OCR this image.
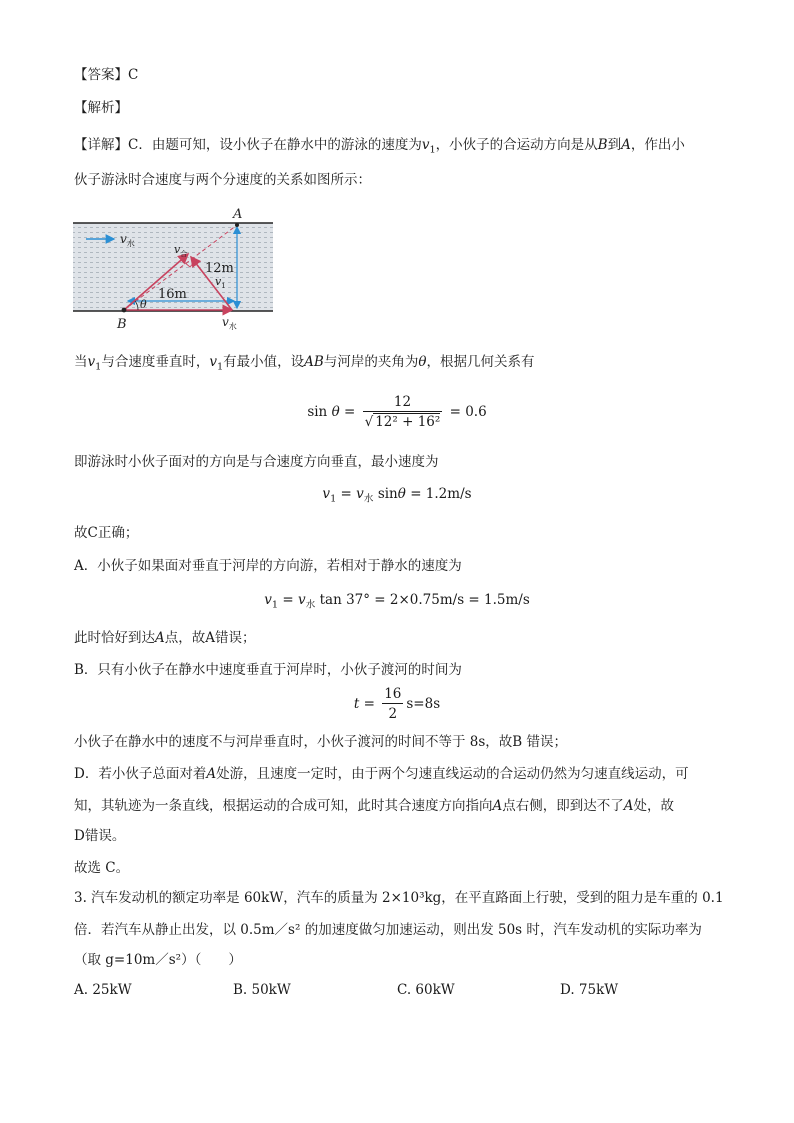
【答案】C
【解析】
【详解】C．由题可知，设小伙子在静水中的游泳的速度为$v_1$，小伙子的合运动方向是从B到A，作出小
伙子游泳时合速度与两个分速度的关系如图所示：
$v_水$
A
B
$v_合$
$v_1$
$v_水$
12m
16m
θ
当$v_1$与合速度垂直时，$v_1$有最小值，设AB与河岸的夹角为θ，根据几何关系有
$\sin \theta = \frac{12}{\text{√ 12² + 16²}} = 0.6$
即游泳时小伙子面对的方向是与合速度方向垂直，最小速度为
$v_1 = v_水$ sinθ = 1.2m/s
故C正确；
A．小伙子如果面对垂直于河岸的方向游，若相对于静水的速度为
$v_1 = v_水$ tan 37° = 2×0.75m/s = 1.5m/s
此时恰好到达A点，故A错误；
B．只有小伙子在静水中速度垂直于河岸时，小伙子渡河的时间为
$t = \frac{16}{2} s=8s$
小伙子在静水中的速度不与河岸垂直时，小伙子渡河的时间不等于 8s，故B 错误；
D．若小伙子总面对着A处游，且速度一定时，由于两个匀速直线运动的合运动仍然为匀速直线运动，可
知，其轨迹为一条直线，根据运动的合成可知，此时其合速度方向指向A点右侧，即到达不了A处，故
D错误。
故选 C。
3. 汽车发动机的额定功率是 60kW，汽车的质量为 2×10³kg，在平直路面上行驶，受到的阻力是车重的 0.1
倍．若汽车从静止出发，以 0.5m／s² 的加速度做匀加速运动，则出发 50s 时，汽车发动机的实际功率为
（取 g=10m／s²）（　　）
A. 25kW	B. 50kW	C. 60kW	D. 75kW
